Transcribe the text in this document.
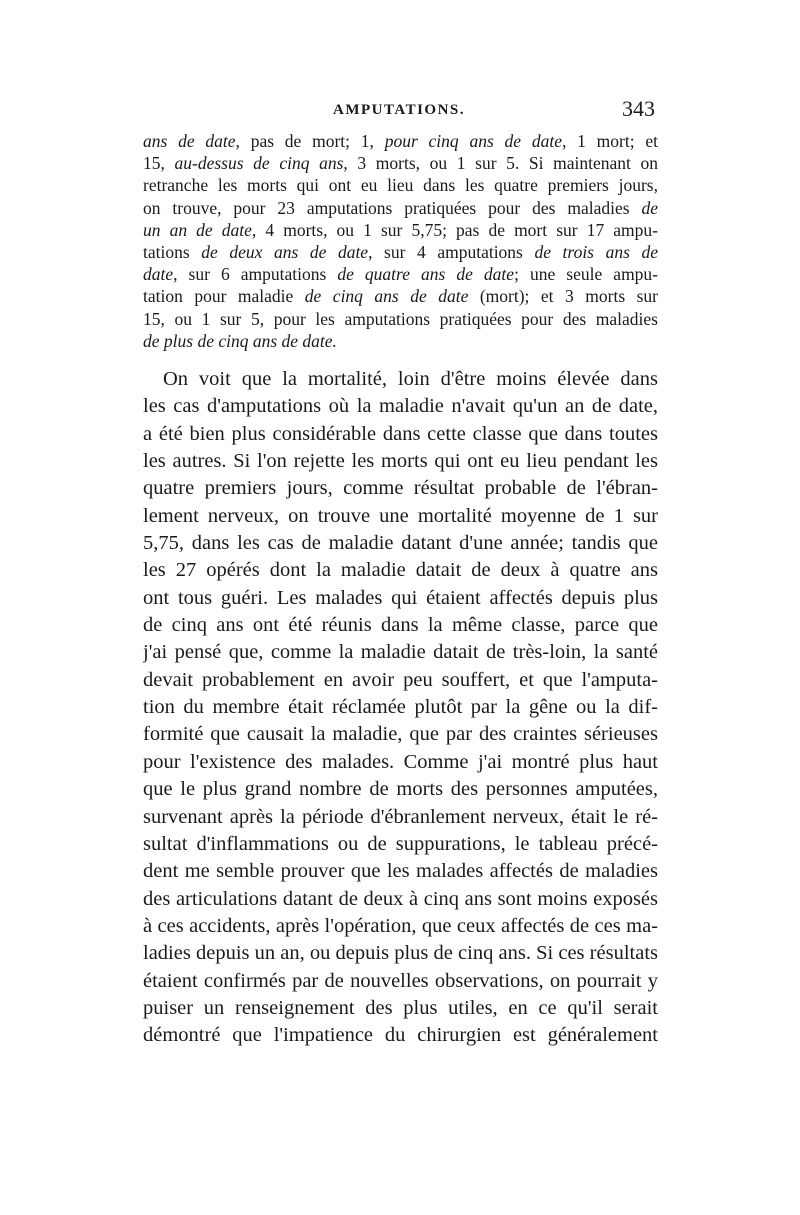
AMPUTATIONS.	343
ans de date, pas de mort; 1, pour cinq ans de date, 1 mort; et
15, au-dessus de cinq ans, 3 morts, ou 1 sur 5. Si maintenant on
retranche les morts qui ont eu lieu dans les quatre premiers jours,
on trouve, pour 23 amputations pratiquées pour des maladies de
un an de date, 4 morts, ou 1 sur 5,75; pas de mort sur 17 ampu-
tations de deux ans de date, sur 4 amputations de trois ans de
date, sur 6 amputations de quatre ans de date; une seule ampu-
tation pour maladie de cinq ans de date (mort); et 3 morts sur
15, ou 1 sur 5, pour les amputations pratiquées pour des maladies
de plus de cinq ans de date.
On voit que la mortalité, loin d'être moins élevée dans
les cas d'amputations où la maladie n'avait qu'un an de date,
a été bien plus considérable dans cette classe que dans toutes
les autres. Si l'on rejette les morts qui ont eu lieu pendant les
quatre premiers jours, comme résultat probable de l'ébran-
lement nerveux, on trouve une mortalité moyenne de 1 sur
5,75, dans les cas de maladie datant d'une année; tandis que
les 27 opérés dont la maladie datait de deux à quatre ans
ont tous guéri. Les malades qui étaient affectés depuis plus
de cinq ans ont été réunis dans la même classe, parce que
j'ai pensé que, comme la maladie datait de très-loin, la santé
devait probablement en avoir peu souffert, et que l'amputa-
tion du membre était réclamée plutôt par la gêne ou la dif-
formité que causait la maladie, que par des craintes sérieuses
pour l'existence des malades. Comme j'ai montré plus haut
que le plus grand nombre de morts des personnes amputées,
survenant après la période d'ébranlement nerveux, était le ré-
sultat d'inflammations ou de suppurations, le tableau précé-
dent me semble prouver que les malades affectés de maladies
des articulations datant de deux à cinq ans sont moins exposés
à ces accidents, après l'opération, que ceux affectés de ces ma-
ladies depuis un an, ou depuis plus de cinq ans. Si ces résultats
étaient confirmés par de nouvelles observations, on pourrait y
puiser un renseignement des plus utiles, en ce qu'il serait
démontré que l'impatience du chirurgien est généralement
